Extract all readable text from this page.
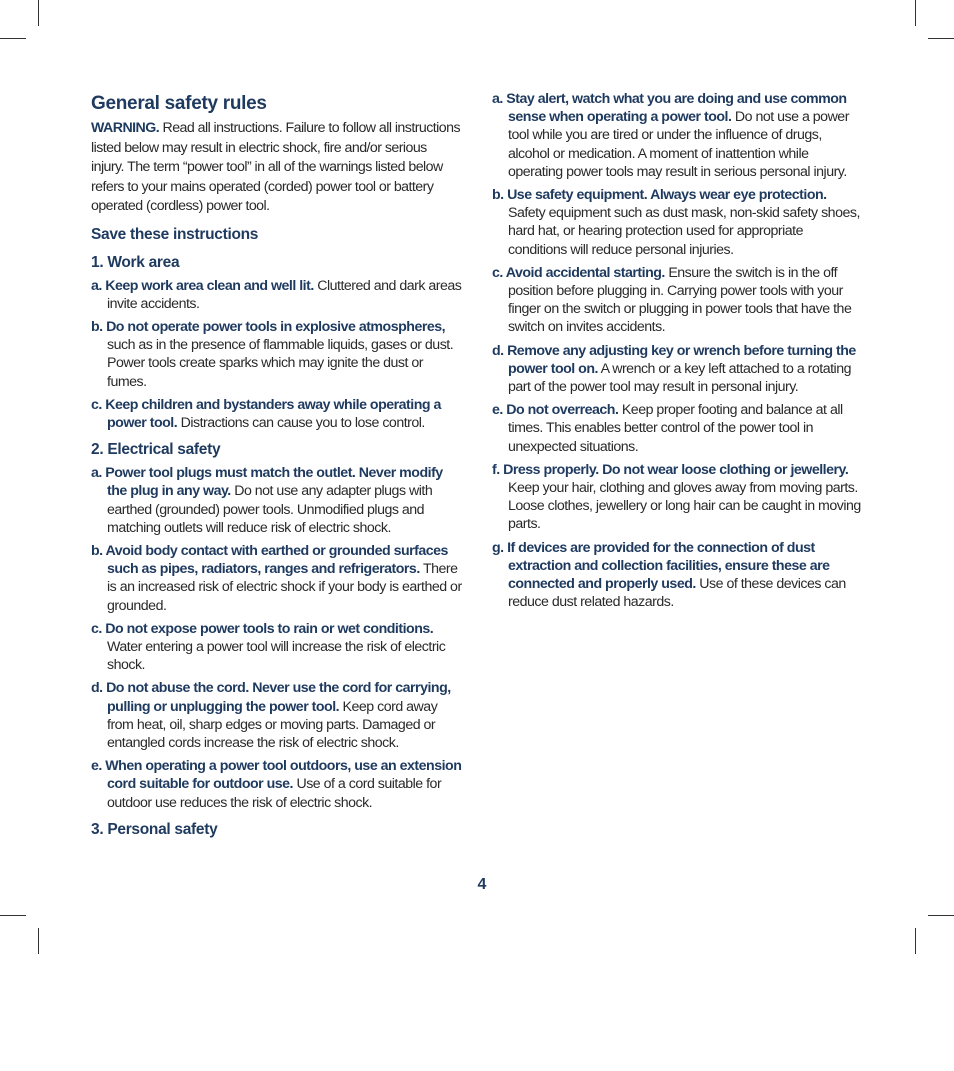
General safety rules
WARNING. Read all instructions. Failure to follow all instructions listed below may result in electric shock, fire and/or serious injury. The term “power tool” in all of the warnings listed below refers to your mains operated (corded) power tool or battery operated (cordless) power tool.
Save these instructions
1. Work area
a. Keep work area clean and well lit. Cluttered and dark areas invite accidents.
b. Do not operate power tools in explosive atmospheres, such as in the presence of flammable liquids, gases or dust. Power tools create sparks which may ignite the dust or fumes.
c. Keep children and bystanders away while operating a power tool. Distractions can cause you to lose control.
2. Electrical safety
a. Power tool plugs must match the outlet. Never modify the plug in any way. Do not use any adapter plugs with earthed (grounded) power tools. Unmodified plugs and matching outlets will reduce risk of electric shock.
b. Avoid body contact with earthed or grounded surfaces such as pipes, radiators, ranges and refrigerators. There is an increased risk of electric shock if your body is earthed or grounded.
c. Do not expose power tools to rain or wet conditions. Water entering a power tool will increase the risk of electric shock.
d. Do not abuse the cord. Never use the cord for carrying, pulling or unplugging the power tool. Keep cord away from heat, oil, sharp edges or moving parts. Damaged or entangled cords increase the risk of electric shock.
e. When operating a power tool outdoors, use an extension cord suitable for outdoor use. Use of a cord suitable for outdoor use reduces the risk of electric shock.
3. Personal safety
a. Stay alert, watch what you are doing and use common sense when operating a power tool. Do not use a power tool while you are tired or under the influence of drugs, alcohol or medication. A moment of inattention while operating power tools may result in serious personal injury.
b. Use safety equipment. Always wear eye protection. Safety equipment such as dust mask, non-skid safety shoes, hard hat, or hearing protection used for appropriate conditions will reduce personal injuries.
c. Avoid accidental starting. Ensure the switch is in the off position before plugging in. Carrying power tools with your finger on the switch or plugging in power tools that have the switch on invites accidents.
d. Remove any adjusting key or wrench before turning the power tool on. A wrench or a key left attached to a rotating part of the power tool may result in personal injury.
e. Do not overreach. Keep proper footing and balance at all times. This enables better control of the power tool in unexpected situations.
f. Dress properly. Do not wear loose clothing or jewellery. Keep your hair, clothing and gloves away from moving parts. Loose clothes, jewellery or long hair can be caught in moving parts.
g. If devices are provided for the connection of dust extraction and collection facilities, ensure these are connected and properly used. Use of these devices can reduce dust related hazards.
4
